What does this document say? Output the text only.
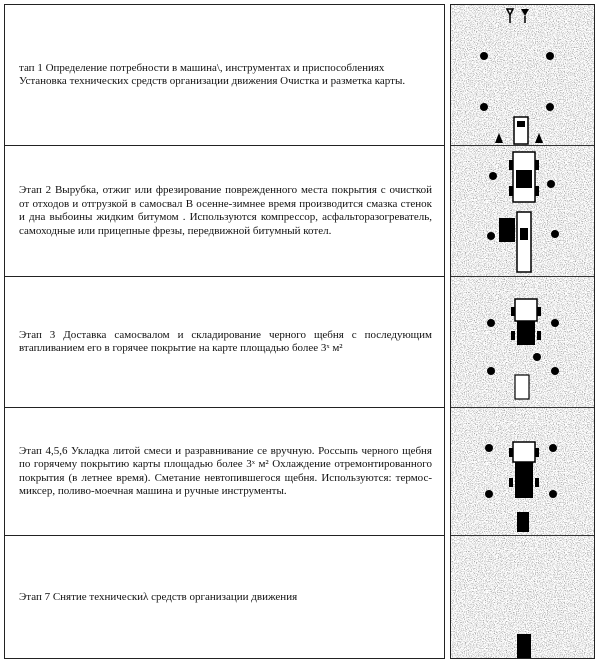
тап 1 Определение потребности в машина\, инструментах и приспособлениях
Установка технических средств организации движения Очистка и разметка карты.
Этап 2 Вырубка, отжиг или фрезирование поврежденного места покрытия с очисткой от отходов и отгрузкой в самосвал В осенне-зимнее время производится смазка стенок и дна выбоины жидким битумом . Используются компрессор, асфальторазогреватель, самоходные или прицепные фрезы, передвижной битумный котел.
Этап 3 Доставка самосвалом и складирование черного щебня с последующим втапливанием его в горячее покрытие на карте площадью более 3ˣ м²
Этап 4,5,6 Укладка литой смеси и разравнивание се вручную. Россыпь черного щебня по горячему покрытию карты площадью более 3ˣ м² Охлаждение отремонтированного покрытия (в летнее время). Сметание невтопившегося щебня. Используются: термос-миксер, поливо-моечная машина и ручные инструменты.
Этап 7 Снятие техническиλ средств организации движения
